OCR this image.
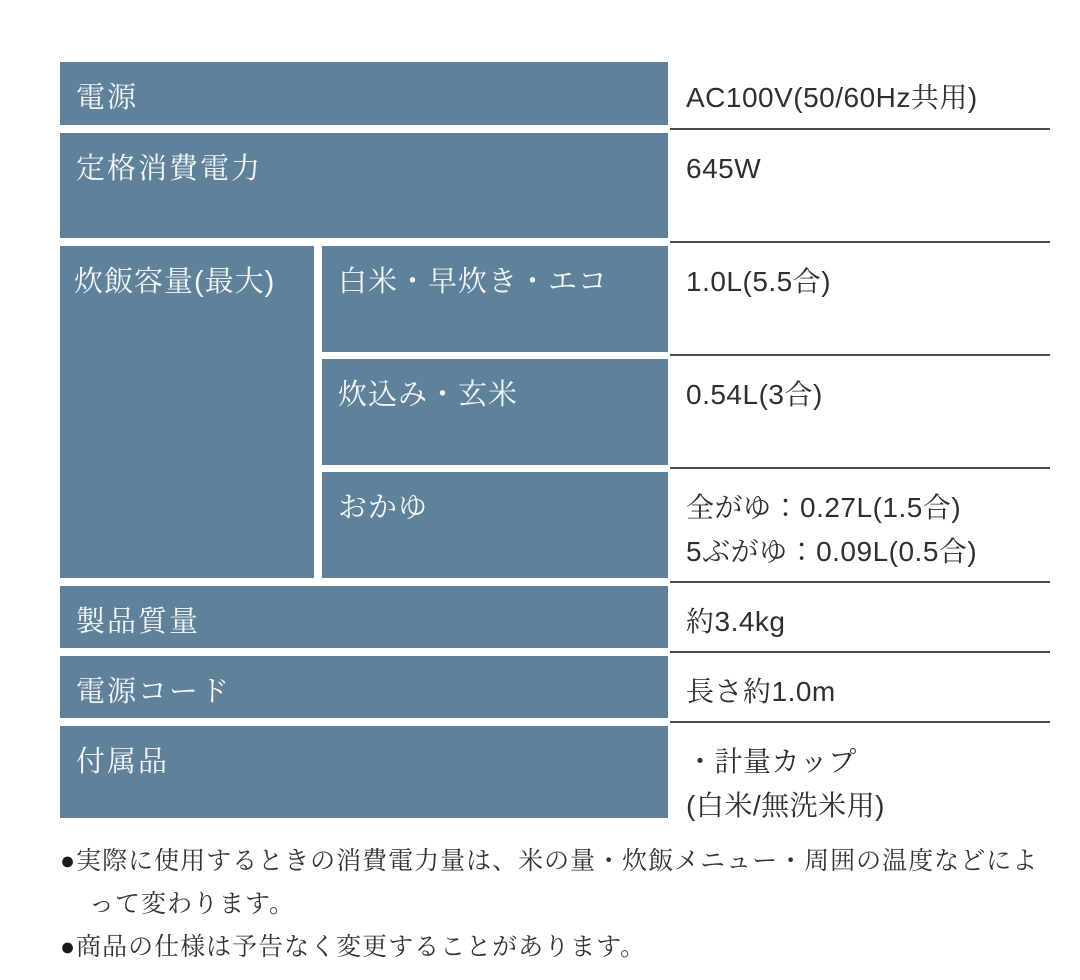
電源	AC100V(50/60Hz共用)
定格消費電力	645W
炊飯容量(最大)	白米・早炊き・エコ	1.0L(5.5合)
炊込み・玄米	0.54L(3合)
おかゆ	全がゆ：0.27L(1.5合)
5ぶがゆ：0.09L(0.5合)
製品質量	約3.4kg
電源コード	長さ約1.0m
付属品	・計量カップ
(白米/無洗米用)
●実際に使用するときの消費電力量は、米の量・炊飯メニュー・周囲の温度などによって変わります。
●商品の仕様は予告なく変更することがあります。
